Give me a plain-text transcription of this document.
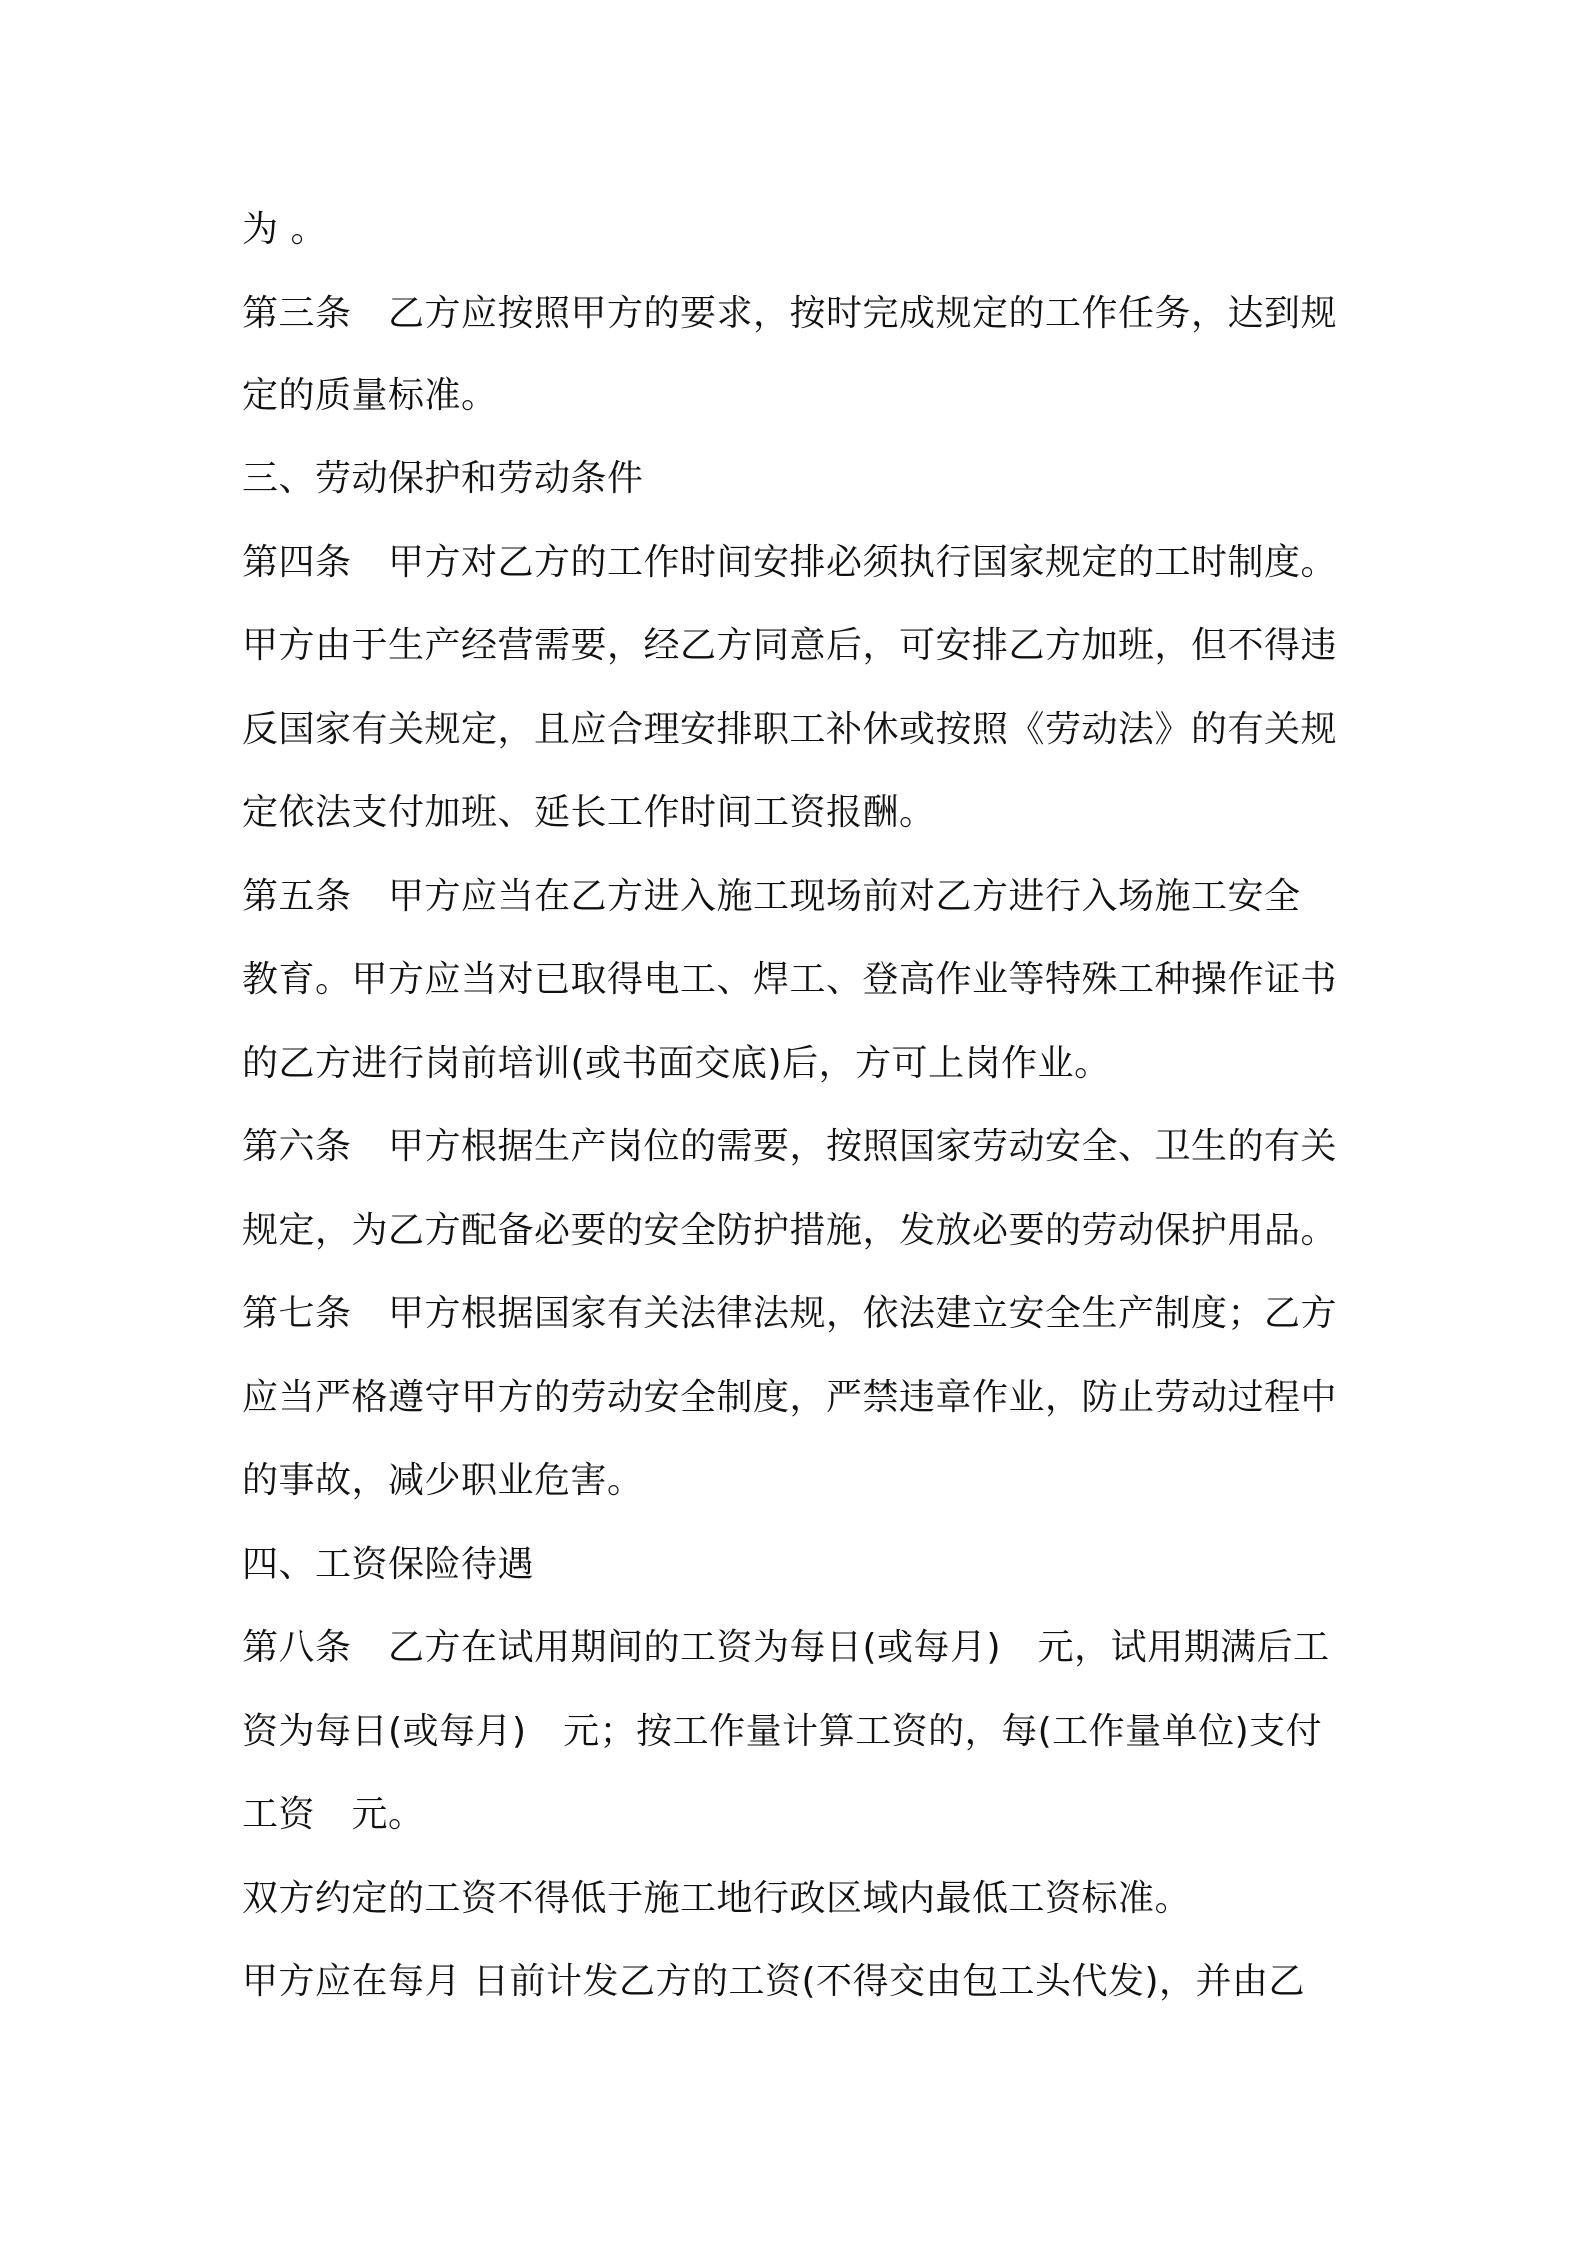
为 。
第三条　乙方应按照甲方的要求，按时完成规定的工作任务，达到规
定的质量标准。
三、劳动保护和劳动条件
第四条　甲方对乙方的工作时间安排必须执行国家规定的工时制度。
甲方由于生产经营需要，经乙方同意后，可安排乙方加班，但不得违
反国家有关规定，且应合理安排职工补休或按照《劳动法》的有关规
定依法支付加班、延长工作时间工资报酬。
第五条　甲方应当在乙方进入施工现场前对乙方进行入场施工安全
教育。甲方应当对已取得电工、焊工、登高作业等特殊工种操作证书
的乙方进行岗前培训(或书面交底)后，方可上岗作业。
第六条　甲方根据生产岗位的需要，按照国家劳动安全、卫生的有关
规定，为乙方配备必要的安全防护措施，发放必要的劳动保护用品。
第七条　甲方根据国家有关法律法规，依法建立安全生产制度；乙方
应当严格遵守甲方的劳动安全制度，严禁违章作业，防止劳动过程中
的事故，减少职业危害。
四、工资保险待遇
第八条　乙方在试用期间的工资为每日(或每月)　元，试用期满后工
资为每日(或每月)　元；按工作量计算工资的，每(工作量单位)支付
工资　元。
双方约定的工资不得低于施工地行政区域内最低工资标准。
甲方应在每月 日前计发乙方的工资(不得交由包工头代发)，并由乙
